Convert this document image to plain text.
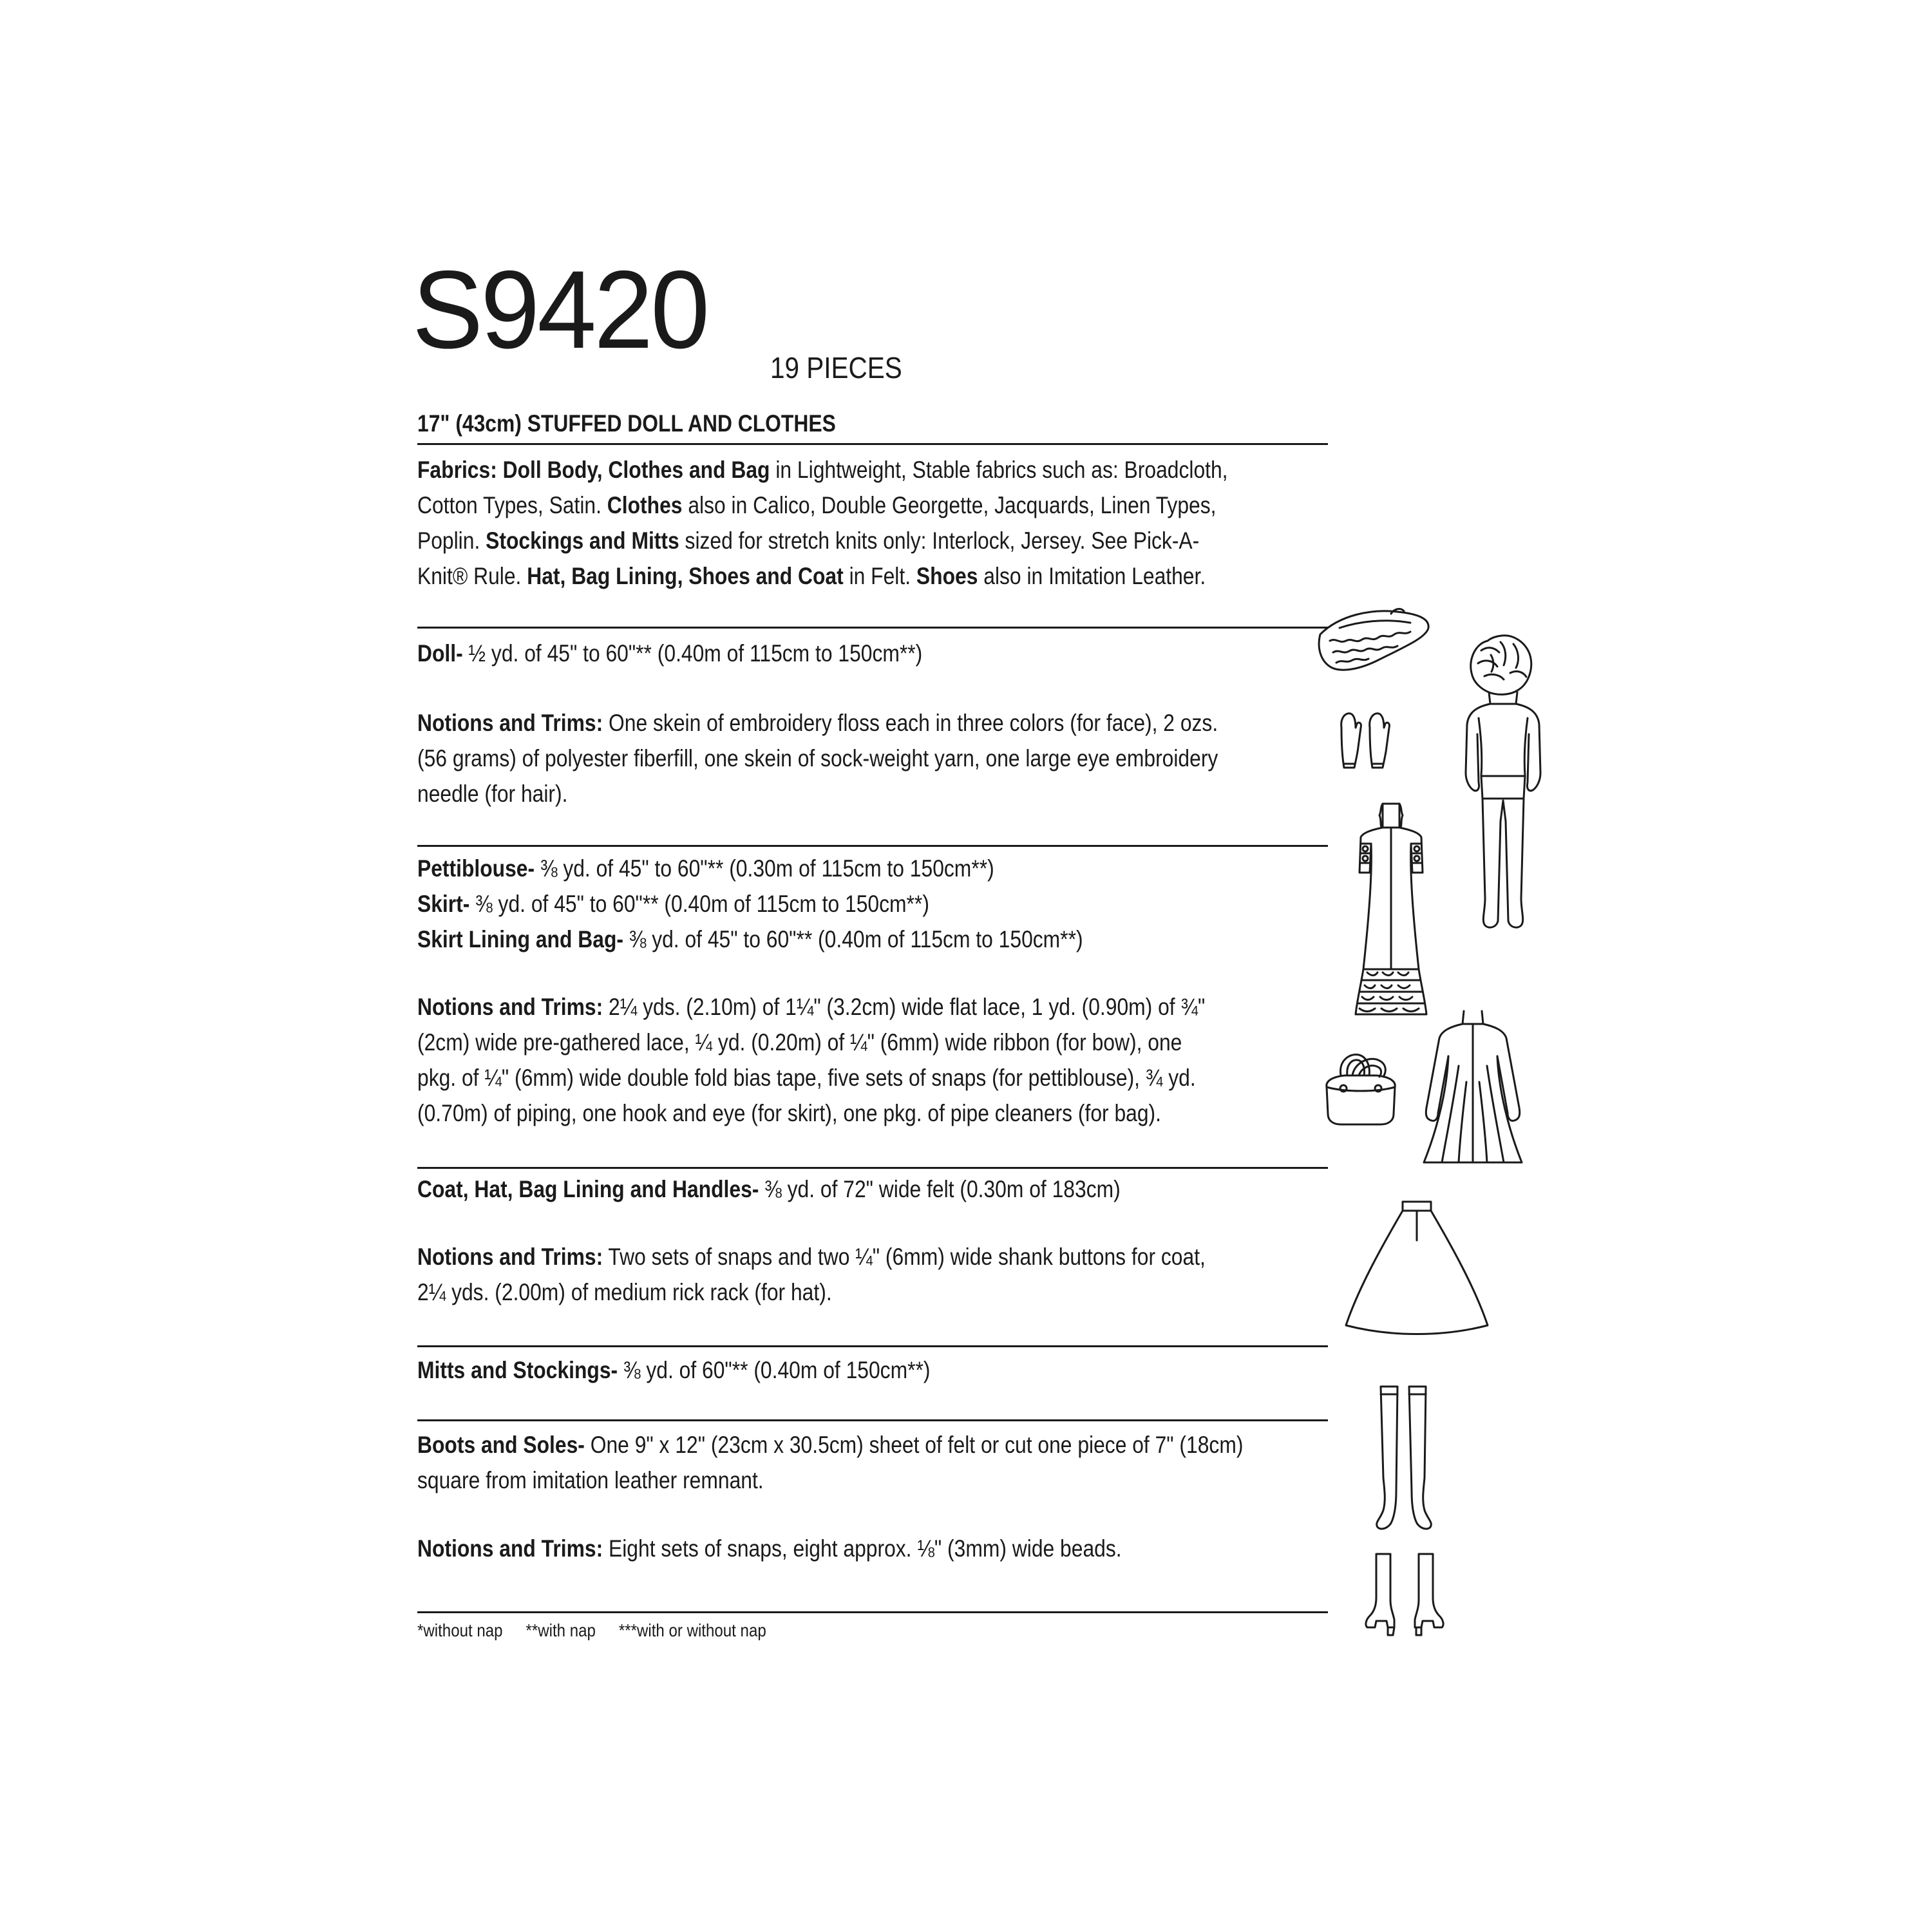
S9420 19 PIECES
17" (43cm) STUFFED DOLL AND CLOTHES
Fabrics: Doll Body, Clothes and Bag in Lightweight, Stable fabrics such as: Broadcloth,
Cotton Types, Satin. Clothes also in Calico, Double Georgette, Jacquards, Linen Types,
Poplin. Stockings and Mitts sized for stretch knits only: Interlock, Jersey. See Pick-A-
Knit® Rule. Hat, Bag Lining, Shoes and Coat in Felt. Shoes also in Imitation Leather.
Doll- ½ yd. of 45" to 60"** (0.40m of 115cm to 150cm**)
Notions and Trims: One skein of embroidery floss each in three colors (for face), 2 ozs.
(56 grams) of polyester fiberfill, one skein of sock-weight yarn, one large eye embroidery
needle (for hair).
Pettiblouse- ⅜ yd. of 45" to 60"** (0.30m of 115cm to 150cm**)
Skirt- ⅜ yd. of 45" to 60"** (0.40m of 115cm to 150cm**)
Skirt Lining and Bag- ⅜ yd. of 45" to 60"** (0.40m of 115cm to 150cm**)
Notions and Trims: 2¼ yds. (2.10m) of 1¼" (3.2cm) wide flat lace, 1 yd. (0.90m) of ¾"
(2cm) wide pre-gathered lace, ¼ yd. (0.20m) of ¼" (6mm) wide ribbon (for bow), one
pkg. of ¼" (6mm) wide double fold bias tape, five sets of snaps (for pettiblouse), ¾ yd.
(0.70m) of piping, one hook and eye (for skirt), one pkg. of pipe cleaners (for bag).
Coat, Hat, Bag Lining and Handles- ⅜ yd. of 72" wide felt (0.30m of 183cm)
Notions and Trims: Two sets of snaps and two ¼" (6mm) wide shank buttons for coat,
2¼ yds. (2.00m) of medium rick rack (for hat).
Mitts and Stockings- ⅜ yd. of 60"** (0.40m of 150cm**)
Boots and Soles- One 9" x 12" (23cm x 30.5cm) sheet of felt or cut one piece of 7" (18cm)
square from imitation leather remnant.
Notions and Trims: Eight sets of snaps, eight approx. ⅛" (3mm) wide beads.
*without nap **with nap ***with or without nap
